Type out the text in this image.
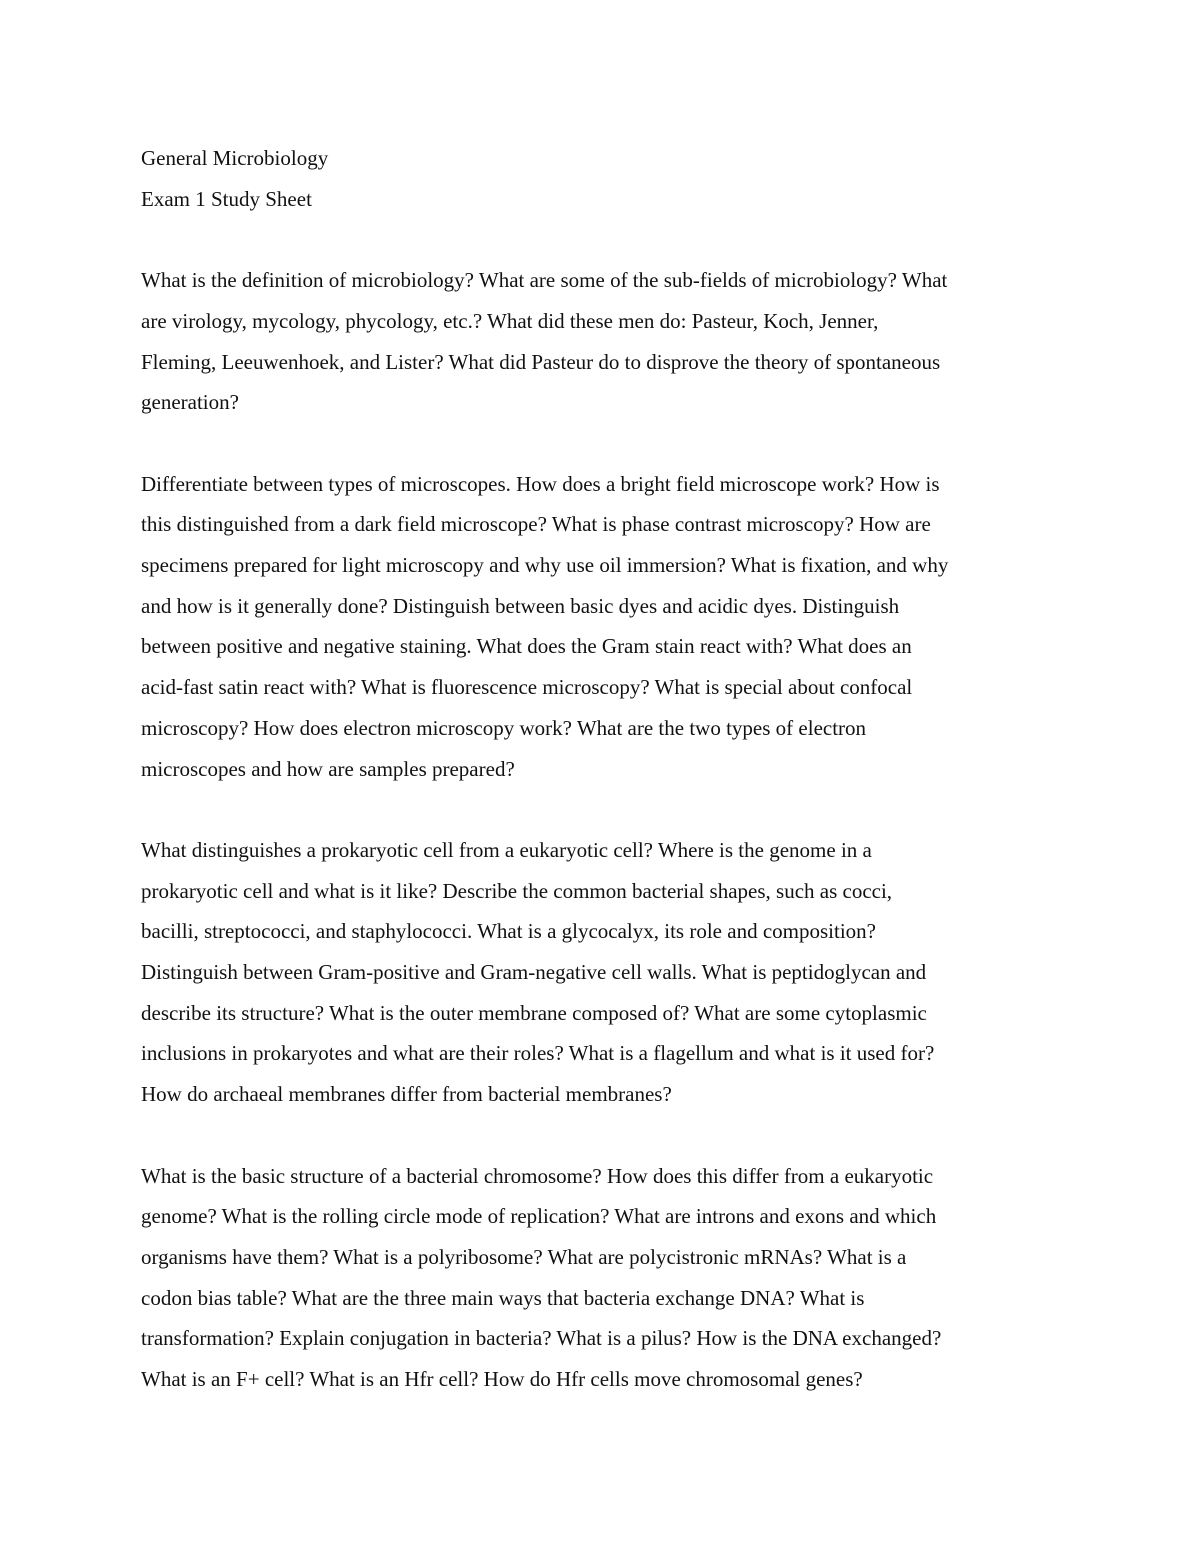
General Microbiology
Exam 1 Study Sheet
What is the definition of microbiology? What are some of the sub-fields of microbiology? What
are virology, mycology, phycology, etc.? What did these men do: Pasteur, Koch, Jenner,
Fleming, Leeuwenhoek, and Lister? What did Pasteur do to disprove the theory of spontaneous
generation?
Differentiate between types of microscopes. How does a bright field microscope work? How is
this distinguished from a dark field microscope? What is phase contrast microscopy? How are
specimens prepared for light microscopy and why use oil immersion? What is fixation, and why
and how is it generally done? Distinguish between basic dyes and acidic dyes. Distinguish
between positive and negative staining. What does the Gram stain react with? What does an
acid-fast satin react with? What is fluorescence microscopy? What is special about confocal
microscopy? How does electron microscopy work? What are the two types of electron
microscopes and how are samples prepared?
What distinguishes a prokaryotic cell from a eukaryotic cell? Where is the genome in a
prokaryotic cell and what is it like? Describe the common bacterial shapes, such as cocci,
bacilli, streptococci, and staphylococci. What is a glycocalyx, its role and composition?
Distinguish between Gram-positive and Gram-negative cell walls. What is peptidoglycan and
describe its structure? What is the outer membrane composed of? What are some cytoplasmic
inclusions in prokaryotes and what are their roles? What is a flagellum and what is it used for?
How do archaeal membranes differ from bacterial membranes?
What is the basic structure of a bacterial chromosome? How does this differ from a eukaryotic
genome? What is the rolling circle mode of replication? What are introns and exons and which
organisms have them? What is a polyribosome? What are polycistronic mRNAs? What is a
codon bias table? What are the three main ways that bacteria exchange DNA? What is
transformation? Explain conjugation in bacteria? What is a pilus? How is the DNA exchanged?
What is an F+ cell? What is an Hfr cell? How do Hfr cells move chromosomal genes?
